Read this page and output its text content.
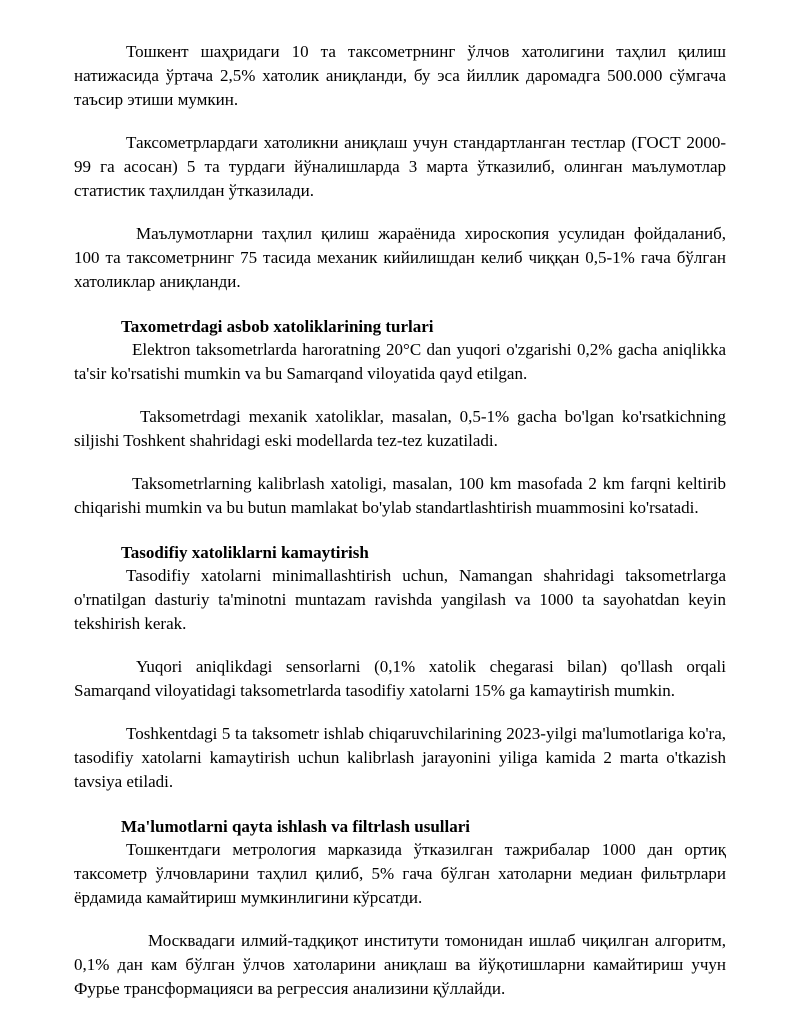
Тошкент шаҳридаги 10 та таксометрнинг ўлчов хатолигини таҳлил қилиш натижасида ўртача 2,5% хатолик аниқланди, бу эса йиллик даромадга 500.000 сўмгача таъсир этиши мумкин.

Таксометрлардаги хатоликни аниқлаш учун стандартланган тестлар (ГОСТ 2000-99 га асосан) 5 та турдаги йўналишларда 3 марта ўтказилиб, олинган маълумотлар статистик таҳлилдан ўтказилади.

Маълумотларни таҳлил қилиш жараёнида хироскопия усулидан фойдаланиб, 100 та таксометрнинг 75 тасида механик кийилишдан келиб чиққан 0,5-1% гача бўлган хатоликлар аниқланди.

Taxometrdagi asbob xatoliklarining turlari

Elektron taksometrlarda haroratning 20°C dan yuqori o'zgarishi 0,2% gacha aniqlikka ta'sir ko'rsatishi mumkin va bu Samarqand viloyatida qayd etilgan.

Taksometrdagi mexanik xatoliklar, masalan, 0,5-1% gacha bo'lgan ko'rsatkichning siljishi Toshkent shahridagi eski modellarda tez-tez kuzatiladi.

Taksometrlarning kalibrlash xatoligi, masalan, 100 km masofada 2 km farqni keltirib chiqarishi mumkin va bu butun mamlakat bo'ylab standartlashtirish muammosini ko'rsatadi.

Tasodifiy xatoliklarni kamaytirish

Tasodifiy xatolarni minimallashtirish uchun, Namangan shahridagi taksometrlarga o'rnatilgan dasturiy ta'minotni muntazam ravishda yangilash va 1000 ta sayohatdan keyin tekshirish kerak.

Yuqori aniqlikdagi sensorlarni (0,1% xatolik chegarasi bilan) qo'llash orqali Samarqand viloyatidagi taksometrlarda tasodifiy xatolarni 15% ga kamaytirish mumkin.

Toshkentdagi 5 ta taksometr ishlab chiqaruvchilarining 2023-yilgi ma'lumotlariga ko'ra, tasodifiy xatolarni kamaytirish uchun kalibrlash jarayonini yiliga kamida 2 marta o'tkazish tavsiya etiladi.

Ma'lumotlarni qayta ishlash va filtrlash usullari

Тошкентдаги метрология марказида ўтказилган тажрибалар 1000 дан ортиқ таксометр ўлчовларини таҳлил қилиб, 5% гача бўлган хатоларни медиан фильтрлари ёрдамида камайтириш мумкинлигини кўрсатди.

Москвадаги илмий-тадқиқот институти томонидан ишлаб чиқилган алгоритм, 0,1% дан кам бўлган ўлчов хатоларини аниқлаш ва йўқотишларни камайтириш учун Фурье трансформацияси ва регрессия анализини қўллайди.
